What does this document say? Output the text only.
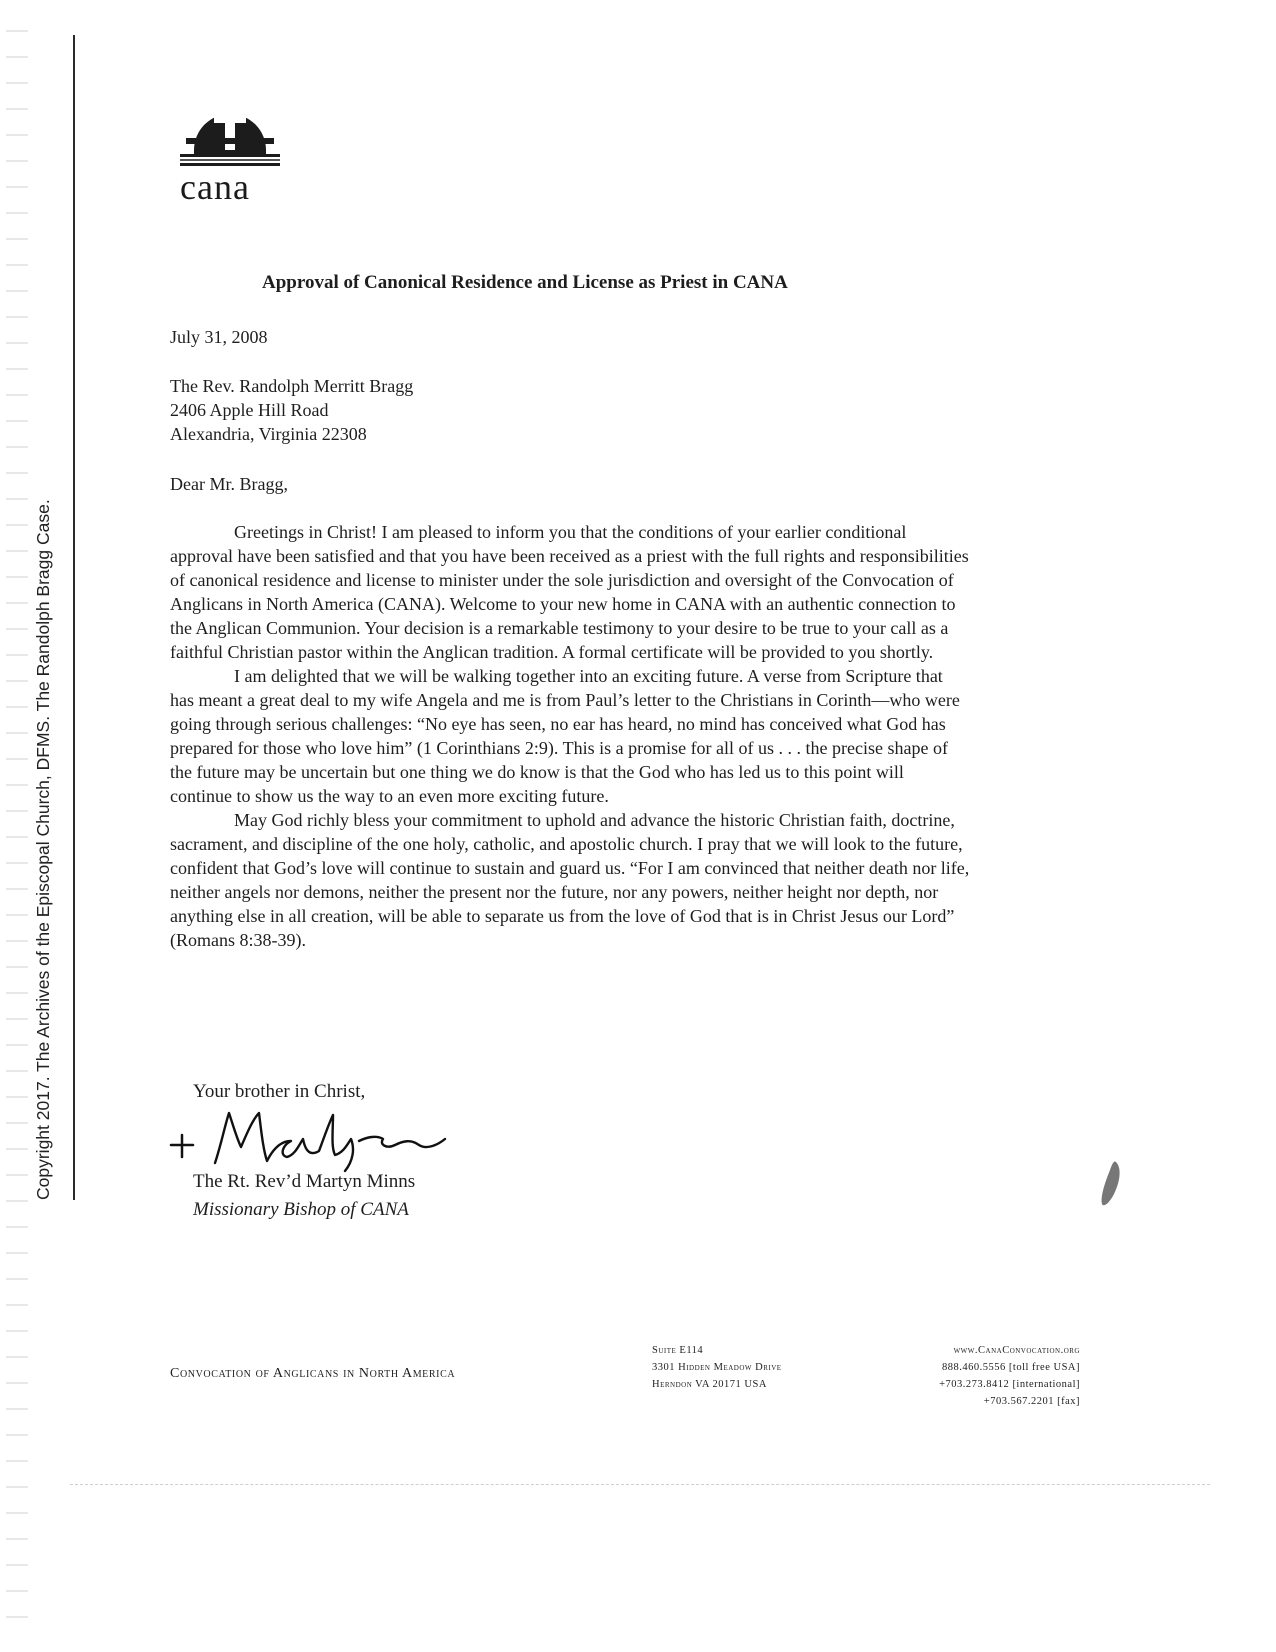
Copyright 2017. The Archives of the Episcopal Church, DFMS. The Randolph Bragg Case.
cana
Approval of Canonical Residence and License as Priest in CANA
July 31, 2008
The Rev. Randolph Merritt Bragg
2406 Apple Hill Road
Alexandria, Virginia 22308
Dear Mr. Bragg,

Greetings in Christ! I am pleased to inform you that the conditions of your earlier conditional approval have been satisfied and that you have been received as a priest with the full rights and responsibilities of canonical residence and license to minister under the sole jurisdiction and oversight of the Convocation of Anglicans in North America (CANA). Welcome to your new home in CANA with an authentic connection to the Anglican Communion. Your decision is a remarkable testimony to your desire to be true to your call as a faithful Christian pastor within the Anglican tradition. A formal certificate will be provided to you shortly.

I am delighted that we will be walking together into an exciting future. A verse from Scripture that has meant a great deal to my wife Angela and me is from Paul’s letter to the Christians in Corinth—who were going through serious challenges: “No eye has seen, no ear has heard, no mind has conceived what God has prepared for those who love him” (1 Corinthians 2:9). This is a promise for all of us . . . the precise shape of the future may be uncertain but one thing we do know is that the God who has led us to this point will continue to show us the way to an even more exciting future.

May God richly bless your commitment to uphold and advance the historic Christian faith, doctrine, sacrament, and discipline of the one holy, catholic, and apostolic church. I pray that we will look to the future, confident that God’s love will continue to sustain and guard us. “For I am convinced that neither death nor life, neither angels nor demons, neither the present nor the future, nor any powers, neither height nor depth, nor anything else in all creation, will be able to separate us from the love of God that is in Christ Jesus our Lord” (Romans 8:38-39).

Your brother in Christ,
The Rt. Rev’d Martyn Minns
Missionary Bishop of CANA
Convocation of Anglicans in North America
Suite E114
3301 Hidden Meadow Drive
Herndon VA 20171 USA
www.CanaConvocation.org
888.460.5556 [toll free USA]
+703.273.8412 [international]
+703.567.2201 [fax]
